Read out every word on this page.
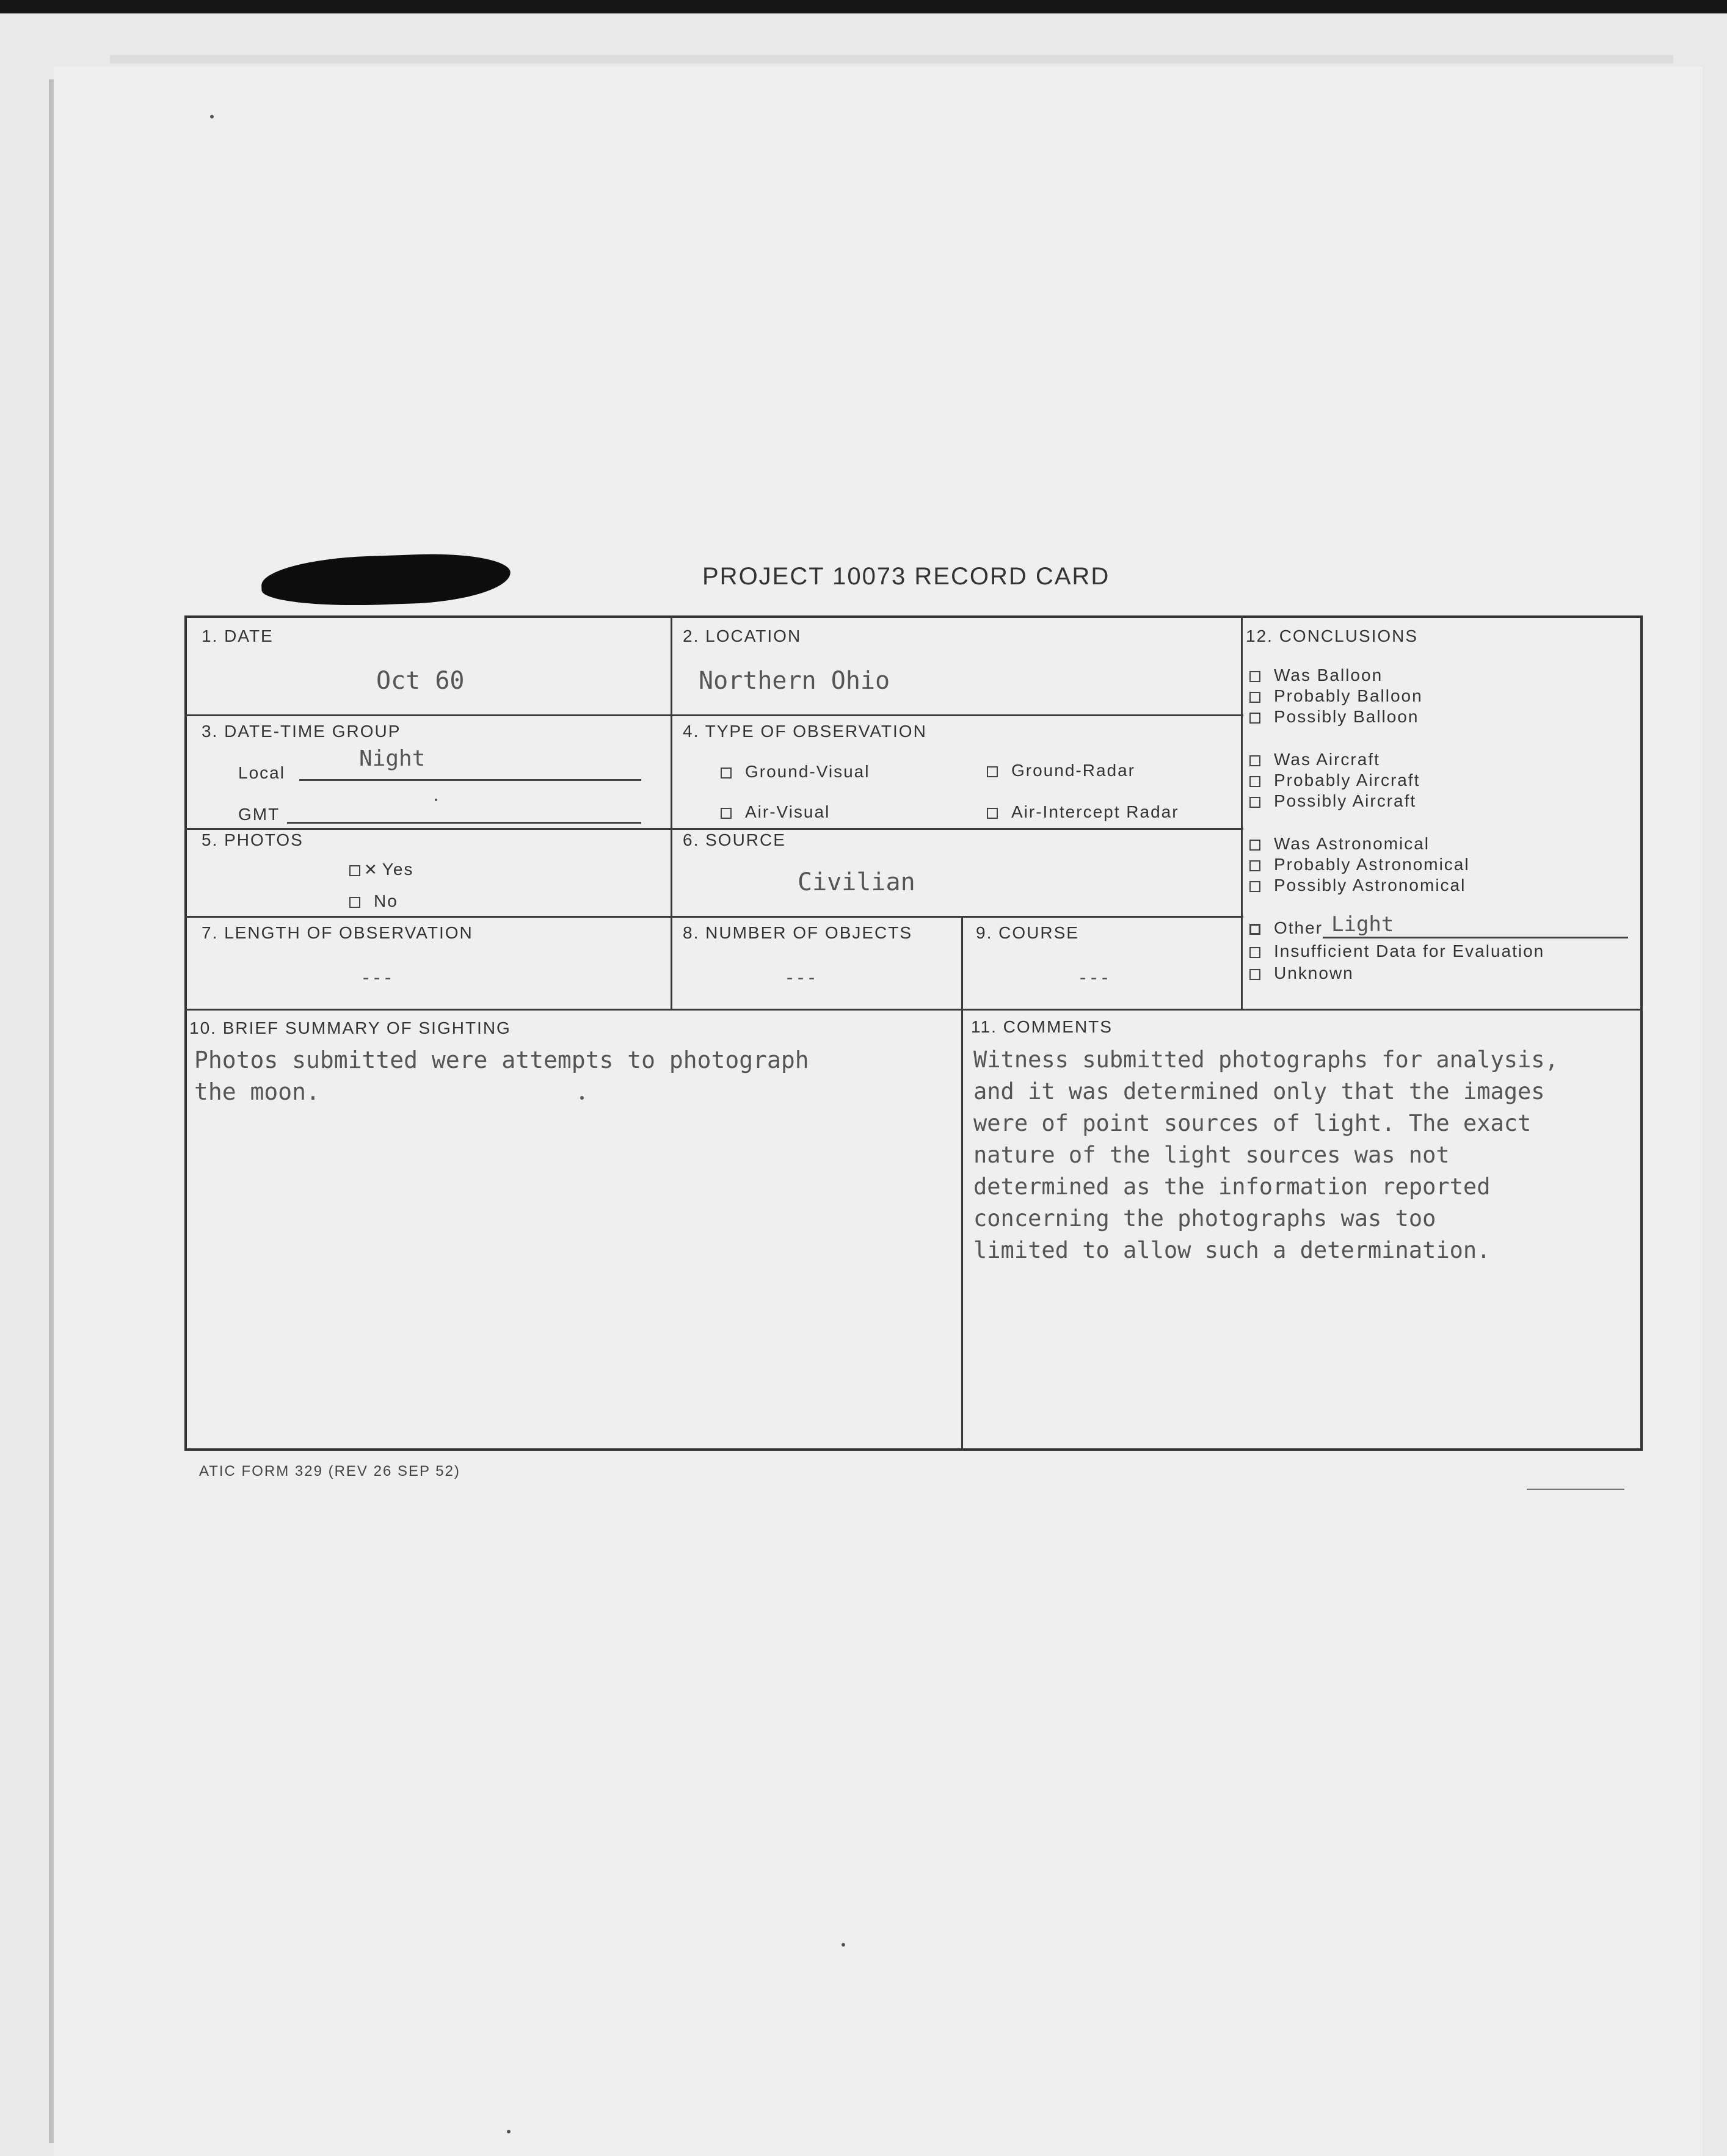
PROJECT 10073 RECORD CARD
1. DATE
Oct 60
2. LOCATION
Northern Ohio
3. DATE-TIME GROUP
Local
Night
GMT
4. TYPE OF OBSERVATION
Ground-Visual	Ground-Radar
Air-Visual	Air-Intercept Radar
5. PHOTOS
✕ Yes
No
6. SOURCE
Civilian
7. LENGTH OF OBSERVATION
---
8. NUMBER OF OBJECTS
---
9. COURSE
---
12. CONCLUSIONS
Was Balloon
Probably Balloon
Possibly Balloon
Was Aircraft
Probably Aircraft
Possibly Aircraft
Was Astronomical
Probably Astronomical
Possibly Astronomical
Other Light
Insufficient Data for Evaluation
Unknown
10. BRIEF SUMMARY OF SIGHTING
Photos submitted were attempts to photograph
the moon.
11. COMMENTS
Witness submitted photographs for analysis,
and it was determined only that the images
were of point sources of light. The exact
nature of the light sources was not
determined as the information reported
concerning the photographs was too
limited to allow such a determination.
ATIC FORM 329 (REV 26 SEP 52)
